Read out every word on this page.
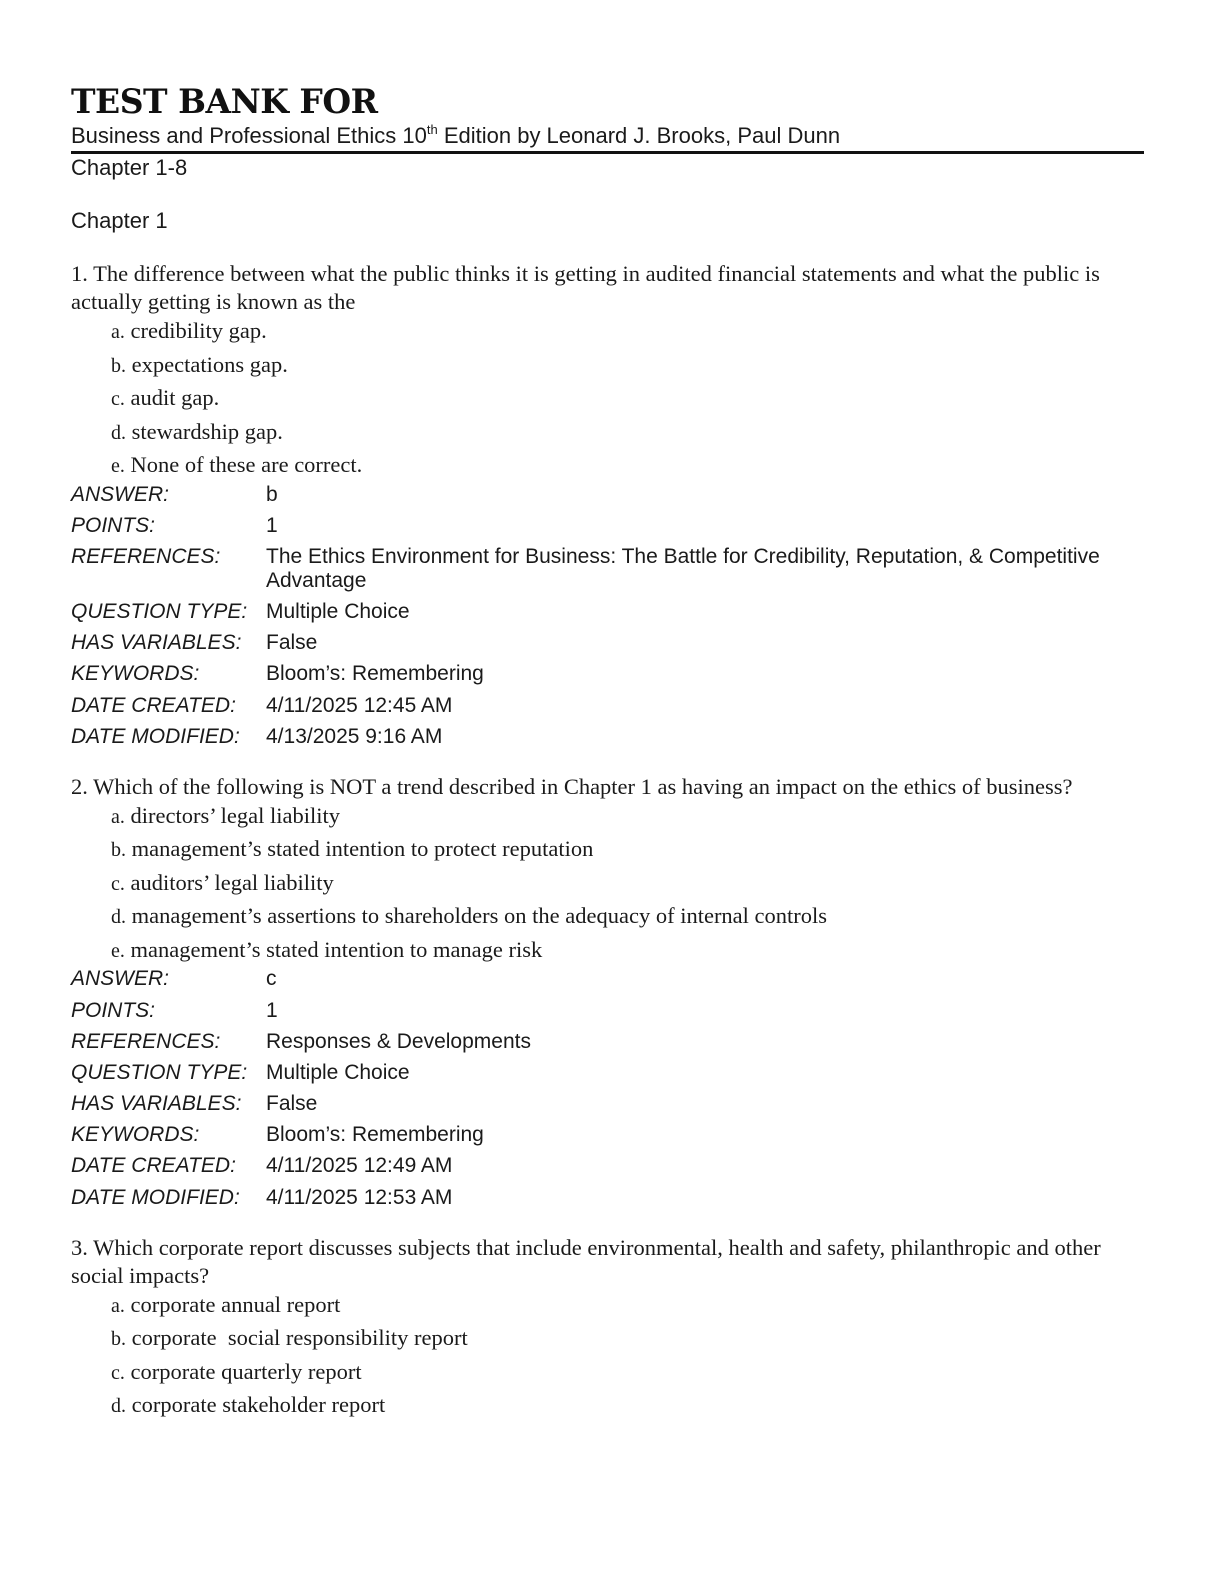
TEST BANK FOR
Business and Professional Ethics 10th Edition by Leonard J. Brooks, Paul Dunn
Chapter 1-8
Chapter 1
1. The difference between what the public thinks it is getting in audited financial statements and what the public is actually getting is known as the
a. credibility gap.
b. expectations gap.
c. audit gap.
d. stewardship gap.
e. None of these are correct.
ANSWER:	b
POINTS:	1
REFERENCES:	The Ethics Environment for Business: The Battle for Credibility, Reputation, & Competitive Advantage
QUESTION TYPE: Multiple Choice
HAS VARIABLES:	False
KEYWORDS:	Bloom’s: Remembering
DATE CREATED:	4/11/2025 12:45 AM
DATE MODIFIED:	4/13/2025 9:16 AM
2. Which of the following is NOT a trend described in Chapter 1 as having an impact on the ethics of business?
a. directors’ legal liability
b. management’s stated intention to protect reputation
c. auditors’ legal liability
d. management’s assertions to shareholders on the adequacy of internal controls
e. management’s stated intention to manage risk
ANSWER:	c
POINTS:	1
REFERENCES:	Responses & Developments
QUESTION TYPE: Multiple Choice
HAS VARIABLES:	False
KEYWORDS:	Bloom’s: Remembering
DATE CREATED:	4/11/2025 12:49 AM
DATE MODIFIED:	4/11/2025 12:53 AM
3. Which corporate report discusses subjects that include environmental, health and safety, philanthropic and other social impacts?
a. corporate annual report
b. corporate  social responsibility report
c. corporate quarterly report
d. corporate stakeholder report
